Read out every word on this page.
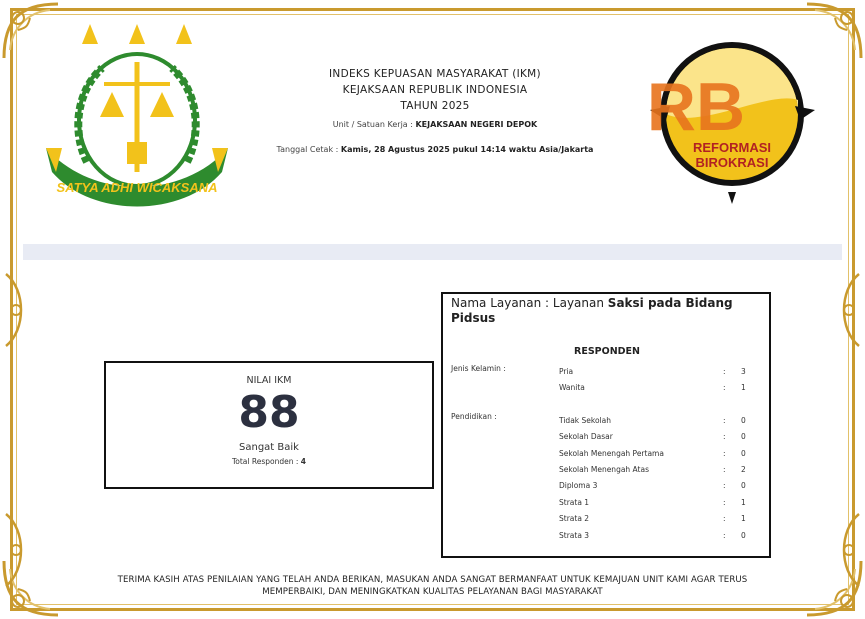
SATYA ADHI WICAKSANA
INDEKS KEPUASAN MASYARAKAT (IKM)
KEJAKSAAN REPUBLIK INDONESIA
TAHUN 2025
Unit / Satuan Kerja : KEJAKSAAN NEGERI DEPOK
Tanggal Cetak : Kamis, 28 Agustus 2025 pukul 14:14 waktu Asia/Jakarta
RB
REFORMASI
BIROKRASI
NILAI IKM
88
Sangat Baik
Total Responden : 4
Nama Layanan : Layanan Saksi pada Bidang Pidsus
RESPONDEN
Jenis Kelamin :	Pria	: 3
Wanita	: 1
Pendidikan :	Tidak Sekolah	: 0
Sekolah Dasar	: 0
Sekolah Menengah Pertama	: 0
Sekolah Menengah Atas	: 2
Diploma 3	: 0
Strata 1	: 1
Strata 2	: 1
Strata 3	: 0
TERIMA KASIH ATAS PENILAIAN YANG TELAH ANDA BERIKAN, MASUKAN ANDA SANGAT BERMANFAAT UNTUK KEMAJUAN UNIT KAMI AGAR TERUS
MEMPERBAIKI, DAN MENINGKATKAN KUALITAS PELAYANAN BAGI MASYARAKAT
